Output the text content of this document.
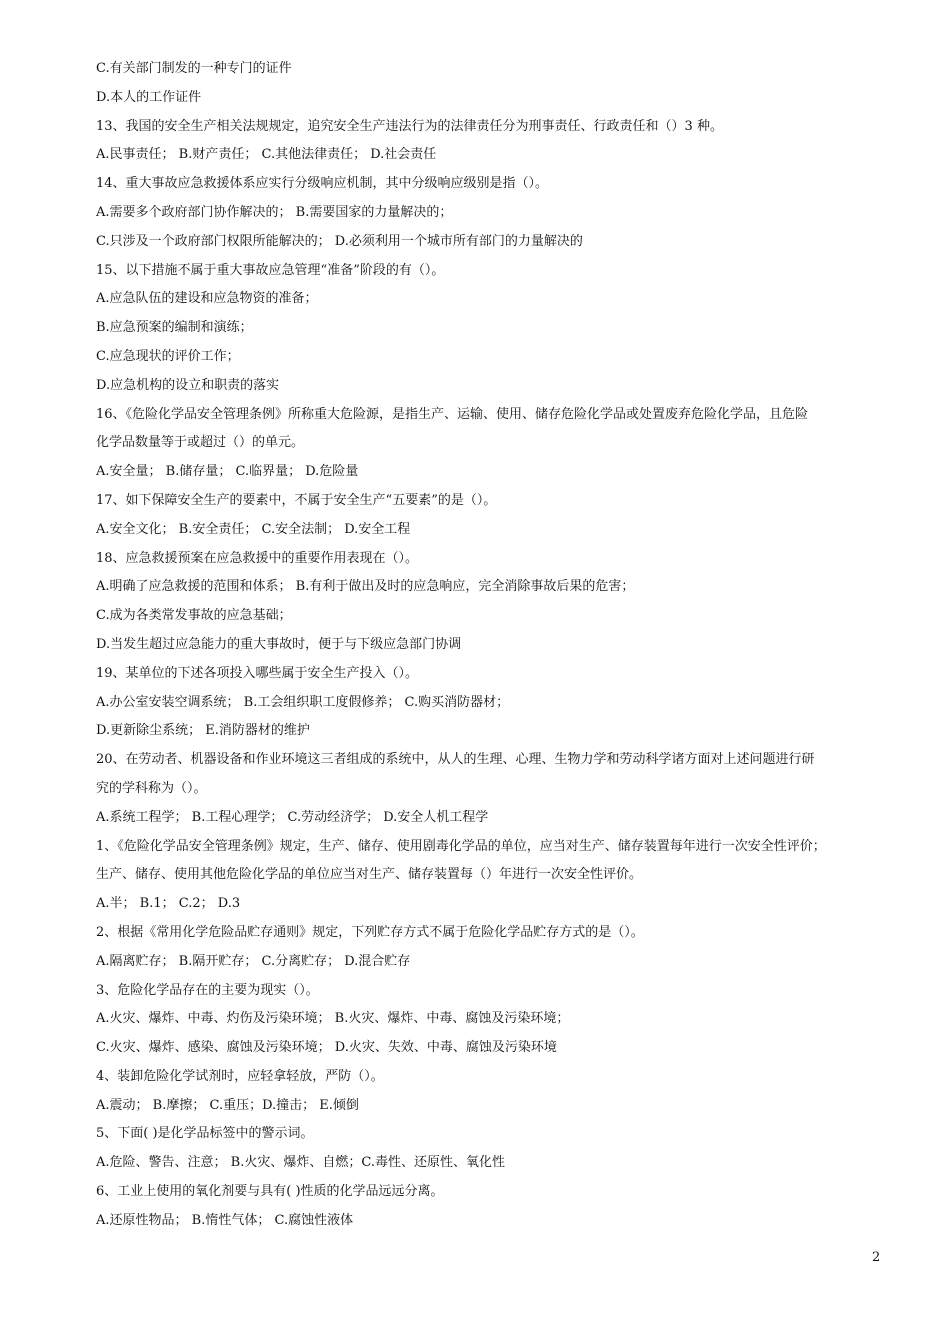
C.有关部门制发的一种专门的证件
D.本人的工作证件
13、我国的安全生产相关法规规定，追究安全生产违法行为的法律责任分为刑事责任、行政责任和（）3 种。
A.民事责任； B.财产责任； C.其他法律责任； D.社会责任
14、重大事故应急救援体系应实行分级响应机制，其中分级响应级别是指（）。
A.需要多个政府部门协作解决的； B.需要国家的力量解决的；
C.只涉及一个政府部门权限所能解决的； D.必须利用一个城市所有部门的力量解决的
15、以下措施不属于重大事故应急管理“准备”阶段的有（）。
A.应急队伍的建设和应急物资的准备；
B.应急预案的编制和演练；
C.应急现状的评价工作；
D.应急机构的设立和职责的落实
16、《危险化学品安全管理条例》所称重大危险源，是指生产、运输、使用、储存危险化学品或处置废弃危险化学品，且危险
化学品数量等于或超过（）的单元。
A.安全量； B.储存量； C.临界量； D.危险量
17、如下保障安全生产的要素中，不属于安全生产“五要素”的是（）。
A.安全文化； B.安全责任； C.安全法制； D.安全工程
18、应急救援预案在应急救援中的重要作用表现在（）。
A.明确了应急救援的范围和体系； B.有利于做出及时的应急响应，完全消除事故后果的危害；
C.成为各类常发事故的应急基础；
D.当发生超过应急能力的重大事故时，便于与下级应急部门协调
19、某单位的下述各项投入哪些属于安全生产投入（）。
A.办公室安装空调系统； B.工会组织职工度假修养； C.购买消防器材；
D.更新除尘系统； E.消防器材的维护
20、在劳动者、机器设备和作业环境这三者组成的系统中，从人的生理、心理、生物力学和劳动科学诸方面对上述问题进行研
究的学科称为（）。
A.系统工程学； B.工程心理学； C.劳动经济学； D.安全人机工程学
1、《危险化学品安全管理条例》规定，生产、储存、使用剧毒化学品的单位，应当对生产、储存装置每年进行一次安全性评价；
生产、储存、使用其他危险化学品的单位应当对生产、储存装置每（）年进行一次安全性评价。
A.半； B.1； C.2； D.3
2、根据《常用化学危险品贮存通则》规定，下列贮存方式不属于危险化学品贮存方式的是（）。
A.隔离贮存； B.隔开贮存； C.分离贮存； D.混合贮存
3、危险化学品存在的主要为现实（）。
A.火灾、爆炸、中毒、灼伤及污染环境； B.火灾、爆炸、中毒、腐蚀及污染环境；
C.火灾、爆炸、感染、腐蚀及污染环境； D.火灾、失效、中毒、腐蚀及污染环境
4、装卸危险化学试剂时，应轻拿轻放，严防（）。
A.震动； B.摩擦； C.重压；D.撞击； E.倾倒
5、下面( )是化学品标签中的警示词。
A.危险、警告、注意； B.火灾、爆炸、自燃；C.毒性、还原性、氧化性
6、工业上使用的氧化剂要与具有( )性质的化学品远远分离。
A.还原性物品； B.惰性气体； C.腐蚀性液体
2
